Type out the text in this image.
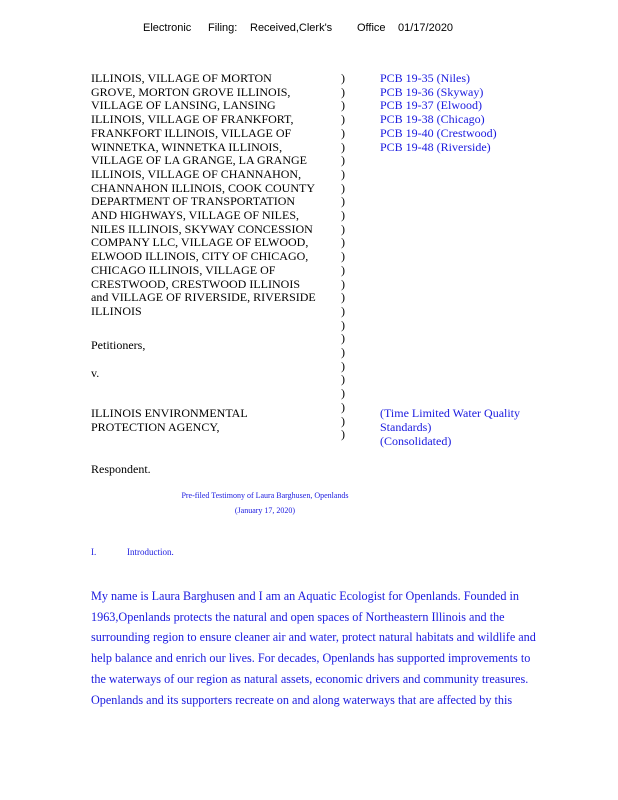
Electronic Filing: Received,Clerk's Office 01/17/2020
ILLINOIS, VILLAGE OF MORTON
GROVE, MORTON GROVE ILLINOIS,
VILLAGE OF LANSING, LANSING
ILLINOIS, VILLAGE OF FRANKFORT,
FRANKFORT ILLINOIS, VILLAGE OF
WINNETKA, WINNETKA ILLINOIS,
VILLAGE OF LA GRANGE, LA GRANGE
ILLINOIS, VILLAGE OF CHANNAHON,
CHANNAHON ILLINOIS, COOK COUNTY
DEPARTMENT OF TRANSPORTATION
AND HIGHWAYS, VILLAGE OF NILES,
NILES ILLINOIS, SKYWAY CONCESSION
COMPANY LLC, VILLAGE OF ELWOOD,
ELWOOD ILLINOIS, CITY OF CHICAGO,
CHICAGO ILLINOIS, VILLAGE OF
CRESTWOOD, CRESTWOOD ILLINOIS
and VILLAGE OF RIVERSIDE, RIVERSIDE
ILLINOIS
Petitioners,
v.
ILLINOIS ENVIRONMENTAL
PROTECTION AGENCY,
Respondent.
)
)
)
)
)
)
)
)
)
)
)
)
)
)
)
)
)
)
)
)
)
)
)
)
)
)
)
PCB 19-35 (Niles)
PCB 19-36 (Skyway)
PCB 19-37 (Elwood)
PCB 19-38 (Chicago)
PCB 19-40 (Crestwood)
PCB 19-48 (Riverside)
(Time Limited Water Quality
Standards)
(Consolidated)
Pre-filed Testimony of Laura Barghusen, Openlands
(January 17, 2020)
I.	Introduction.
My name is Laura Barghusen and I am an Aquatic Ecologist for Openlands. Founded in
1963,Openlands protects the natural and open spaces of Northeastern Illinois and the
surrounding region to ensure cleaner air and water, protect natural habitats and wildlife and
help balance and enrich our lives. For decades, Openlands has supported improvements to
the waterways of our region as natural assets, economic drivers and community treasures.
Openlands and its supporters recreate on and along waterways that are affected by this
